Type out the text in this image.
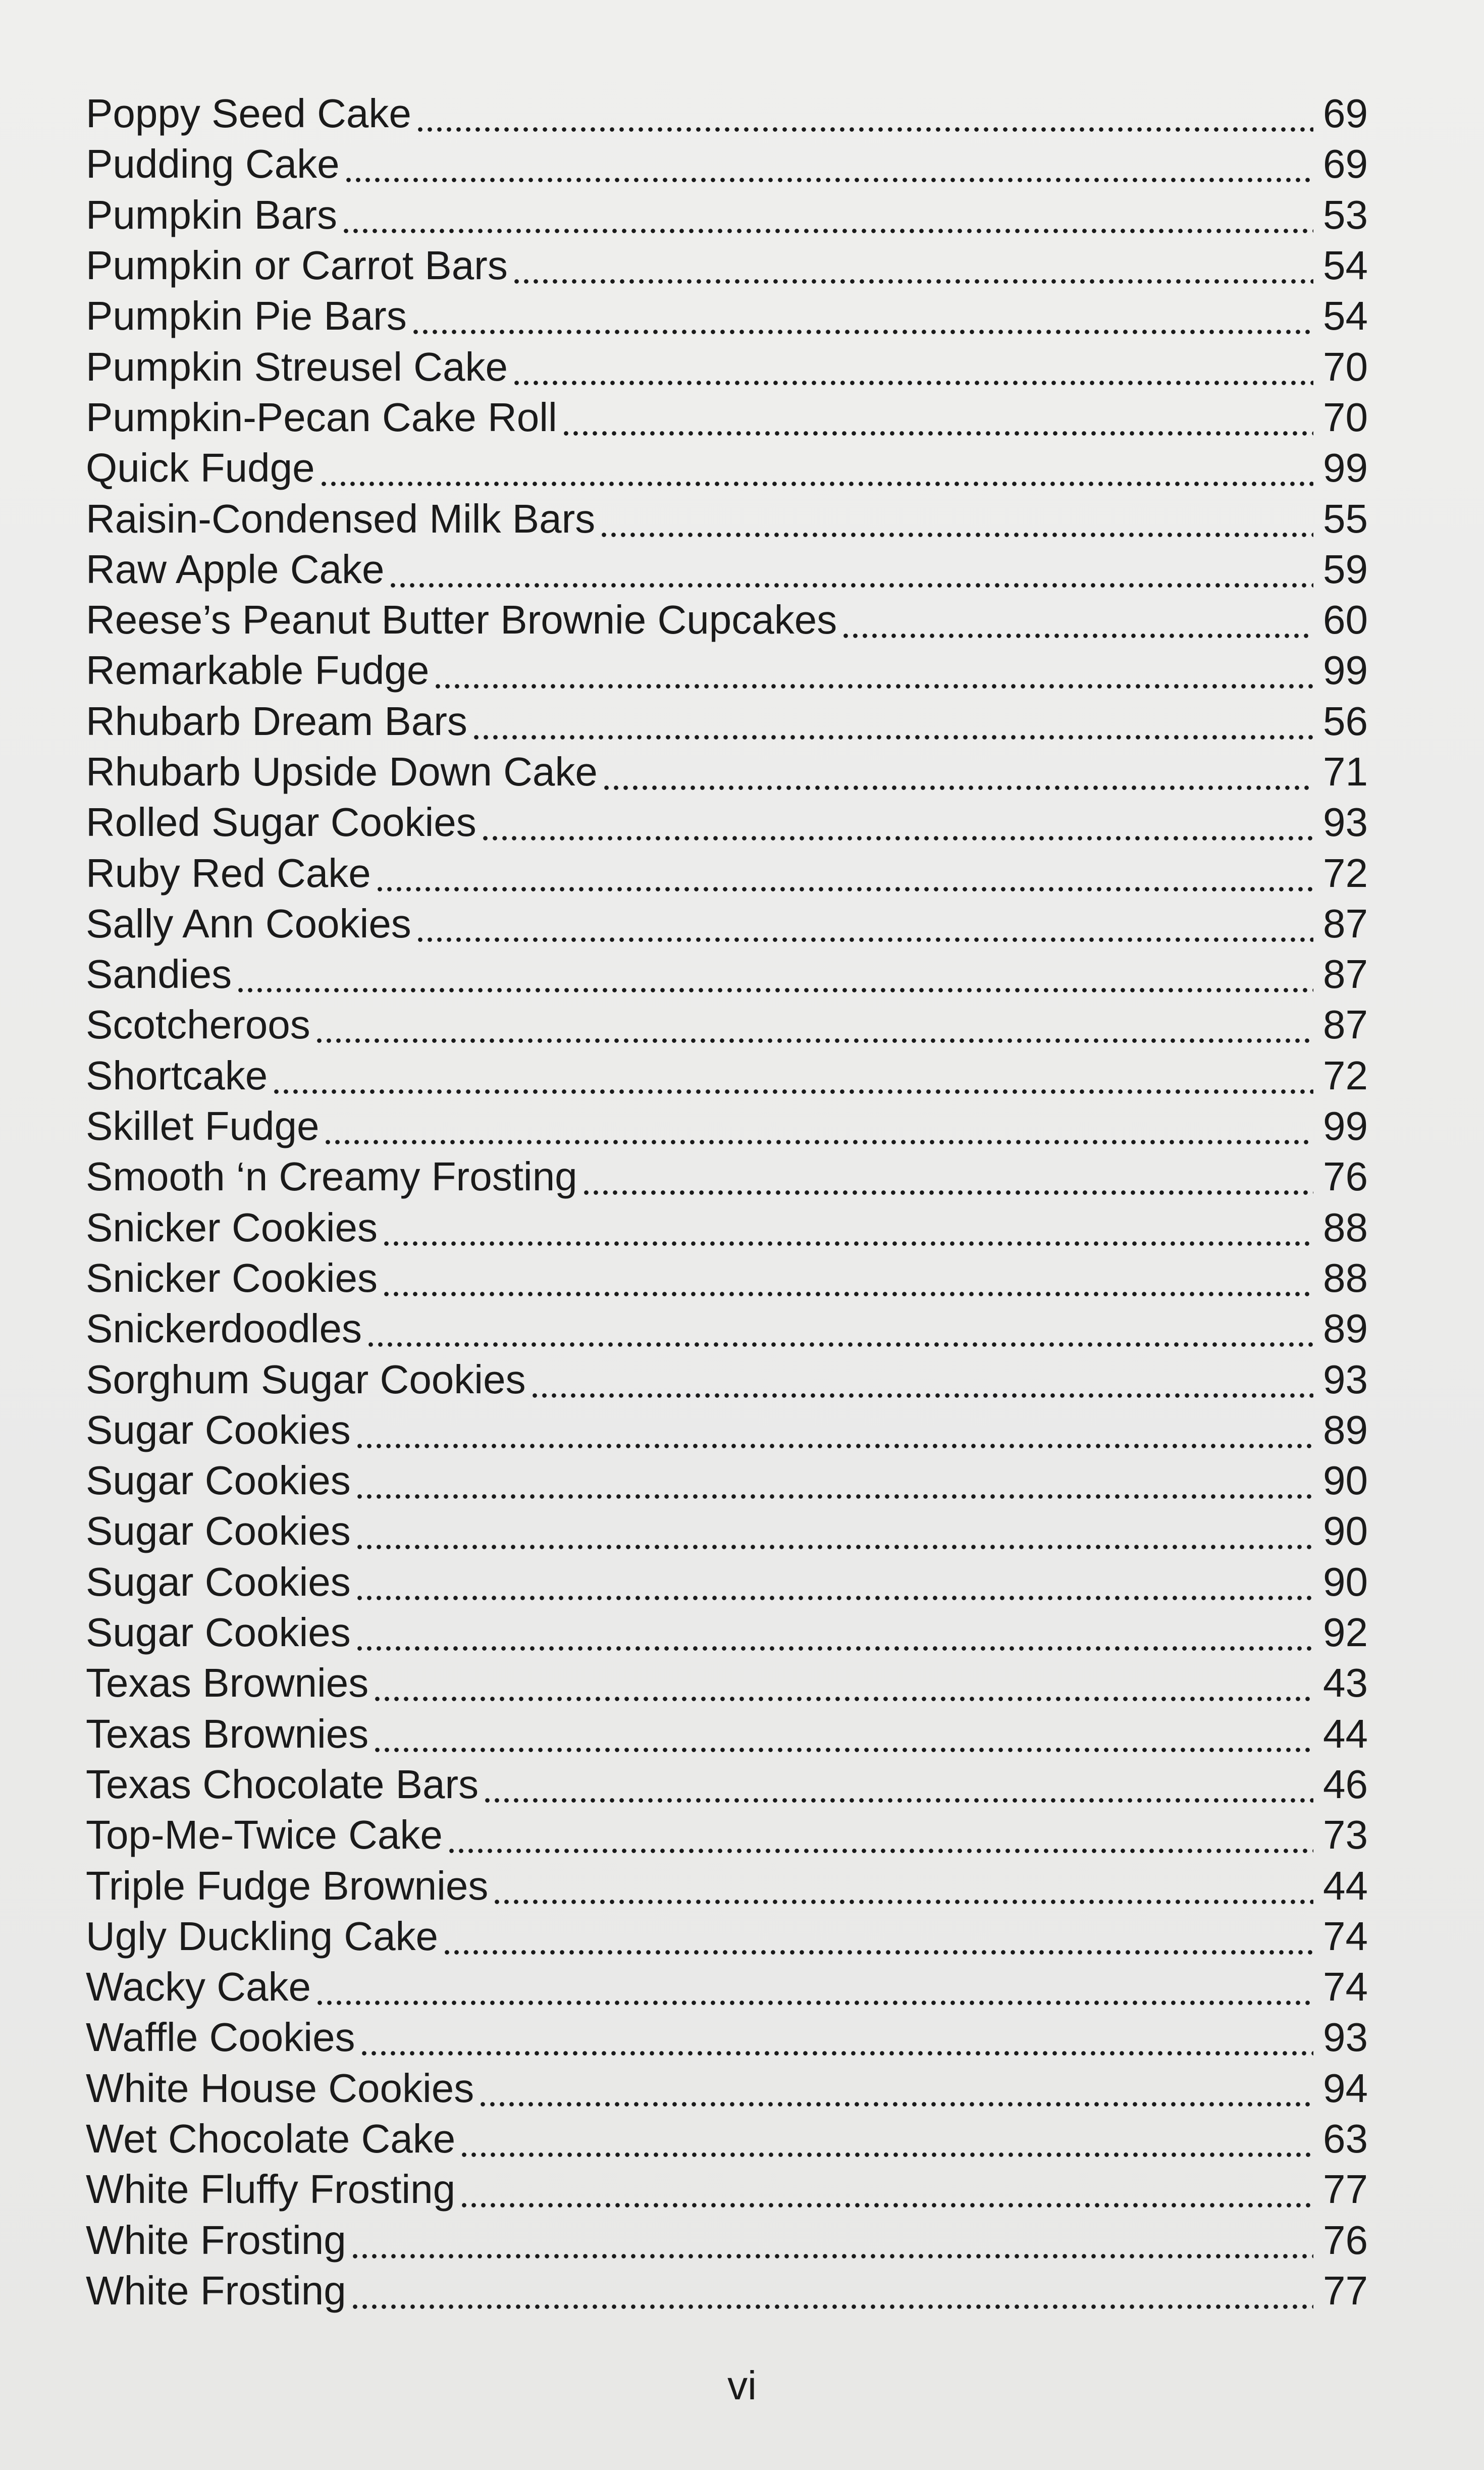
Poppy Seed Cake	69
Pudding Cake	69
Pumpkin Bars	53
Pumpkin or Carrot Bars	54
Pumpkin Pie Bars	54
Pumpkin Streusel Cake	70
Pumpkin-Pecan Cake Roll	70
Quick Fudge	99
Raisin-Condensed Milk Bars	55
Raw Apple Cake	59
Reese’s Peanut Butter Brownie Cupcakes	60
Remarkable Fudge	99
Rhubarb Dream Bars	56
Rhubarb Upside Down Cake	71
Rolled Sugar Cookies	93
Ruby Red Cake	72
Sally Ann Cookies	87
Sandies	87
Scotcheroos	87
Shortcake	72
Skillet Fudge	99
Smooth ‘n Creamy Frosting	76
Snicker Cookies	88
Snicker Cookies	88
Snickerdoodles	89
Sorghum Sugar Cookies	93
Sugar Cookies	89
Sugar Cookies	90
Sugar Cookies	90
Sugar Cookies	90
Sugar Cookies	92
Texas Brownies	43
Texas Brownies	44
Texas Chocolate Bars	46
Top-Me-Twice Cake	73
Triple Fudge Brownies	44
Ugly Duckling Cake	74
Wacky Cake	74
Waffle Cookies	93
White House Cookies	94
Wet Chocolate Cake	63
White Fluffy Frosting	77
White Frosting	76
White Frosting	77
vi
